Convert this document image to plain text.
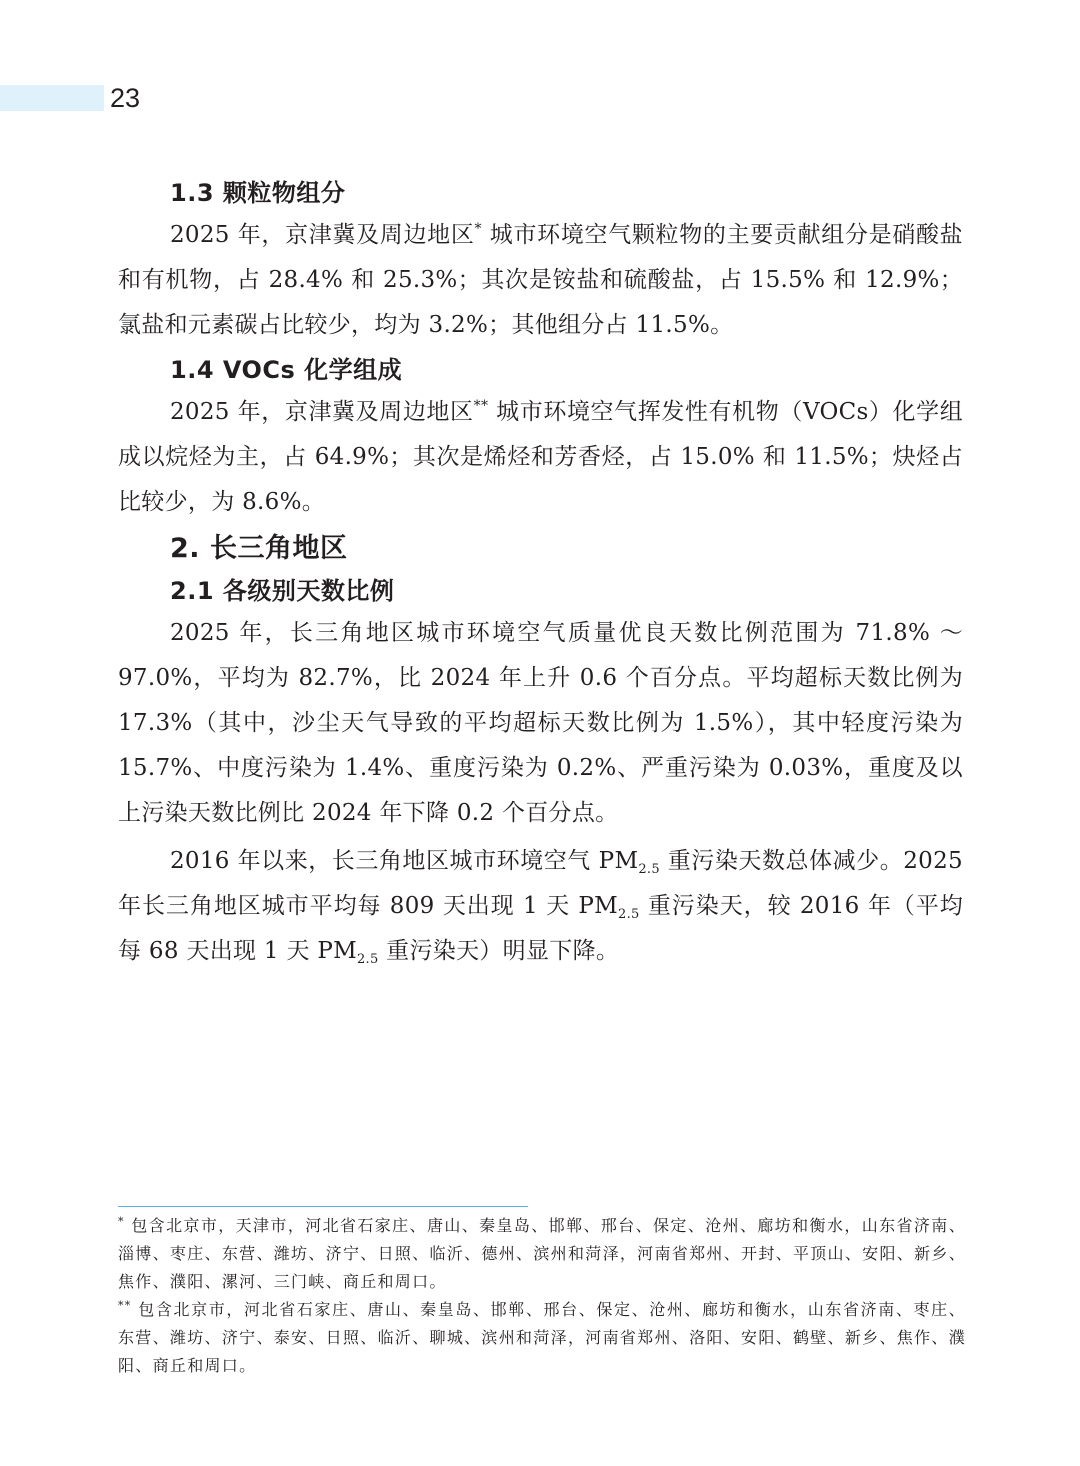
23
1.3 颗粒物组分

2025 年，京津冀及周边地区* 城市环境空气颗粒物的主要贡献组分是硝酸盐和有机物，占 28.4% 和 25.3%；其次是铵盐和硫酸盐，占 15.5% 和 12.9%；氯盐和元素碳占比较少，均为 3.2%；其他组分占 11.5%。

1.4 VOCs 化学组成

2025 年，京津冀及周边地区** 城市环境空气挥发性有机物（VOCs）化学组成以烷烃为主，占 64.9%；其次是烯烃和芳香烃，占 15.0% 和 11.5%；炔烃占比较少，为 8.6%。

2. 长三角地区
2.1 各级别天数比例

2025 年，长三角地区城市环境空气质量优良天数比例范围为 71.8% ～ 97.0%，平均为 82.7%，比 2024 年上升 0.6 个百分点。平均超标天数比例为 17.3%（其中，沙尘天气导致的平均超标天数比例为 1.5%），其中轻度污染为 15.7%、中度污染为 1.4%、重度污染为 0.2%、严重污染为 0.03%，重度及以上污染天数比例比 2024 年下降 0.2 个百分点。

2016 年以来，长三角地区城市环境空气 $PM_{2.5}$ 重污染天数总体减少。2025 年长三角地区城市平均每 809 天出现 1 天 $PM_{2.5}$ 重污染天，较 2016 年（平均每 68 天出现 1 天 $PM_{2.5}$ 重污染天）明显下降。

* 包含北京市，天津市，河北省石家庄、唐山、秦皇岛、邯郸、邢台、保定、沧州、廊坊和衡水，山东省济南、淄博、枣庄、东营、潍坊、济宁、日照、临沂、德州、滨州和菏泽，河南省郑州、开封、平顶山、安阳、新乡、焦作、濮阳、漯河、三门峡、商丘和周口。

** 包含北京市，河北省石家庄、唐山、秦皇岛、邯郸、邢台、保定、沧州、廊坊和衡水，山东省济南、枣庄、东营、潍坊、济宁、泰安、日照、临沂、聊城、滨州和菏泽，河南省郑州、洛阳、安阳、鹤壁、新乡、焦作、濮阳、商丘和周口。
